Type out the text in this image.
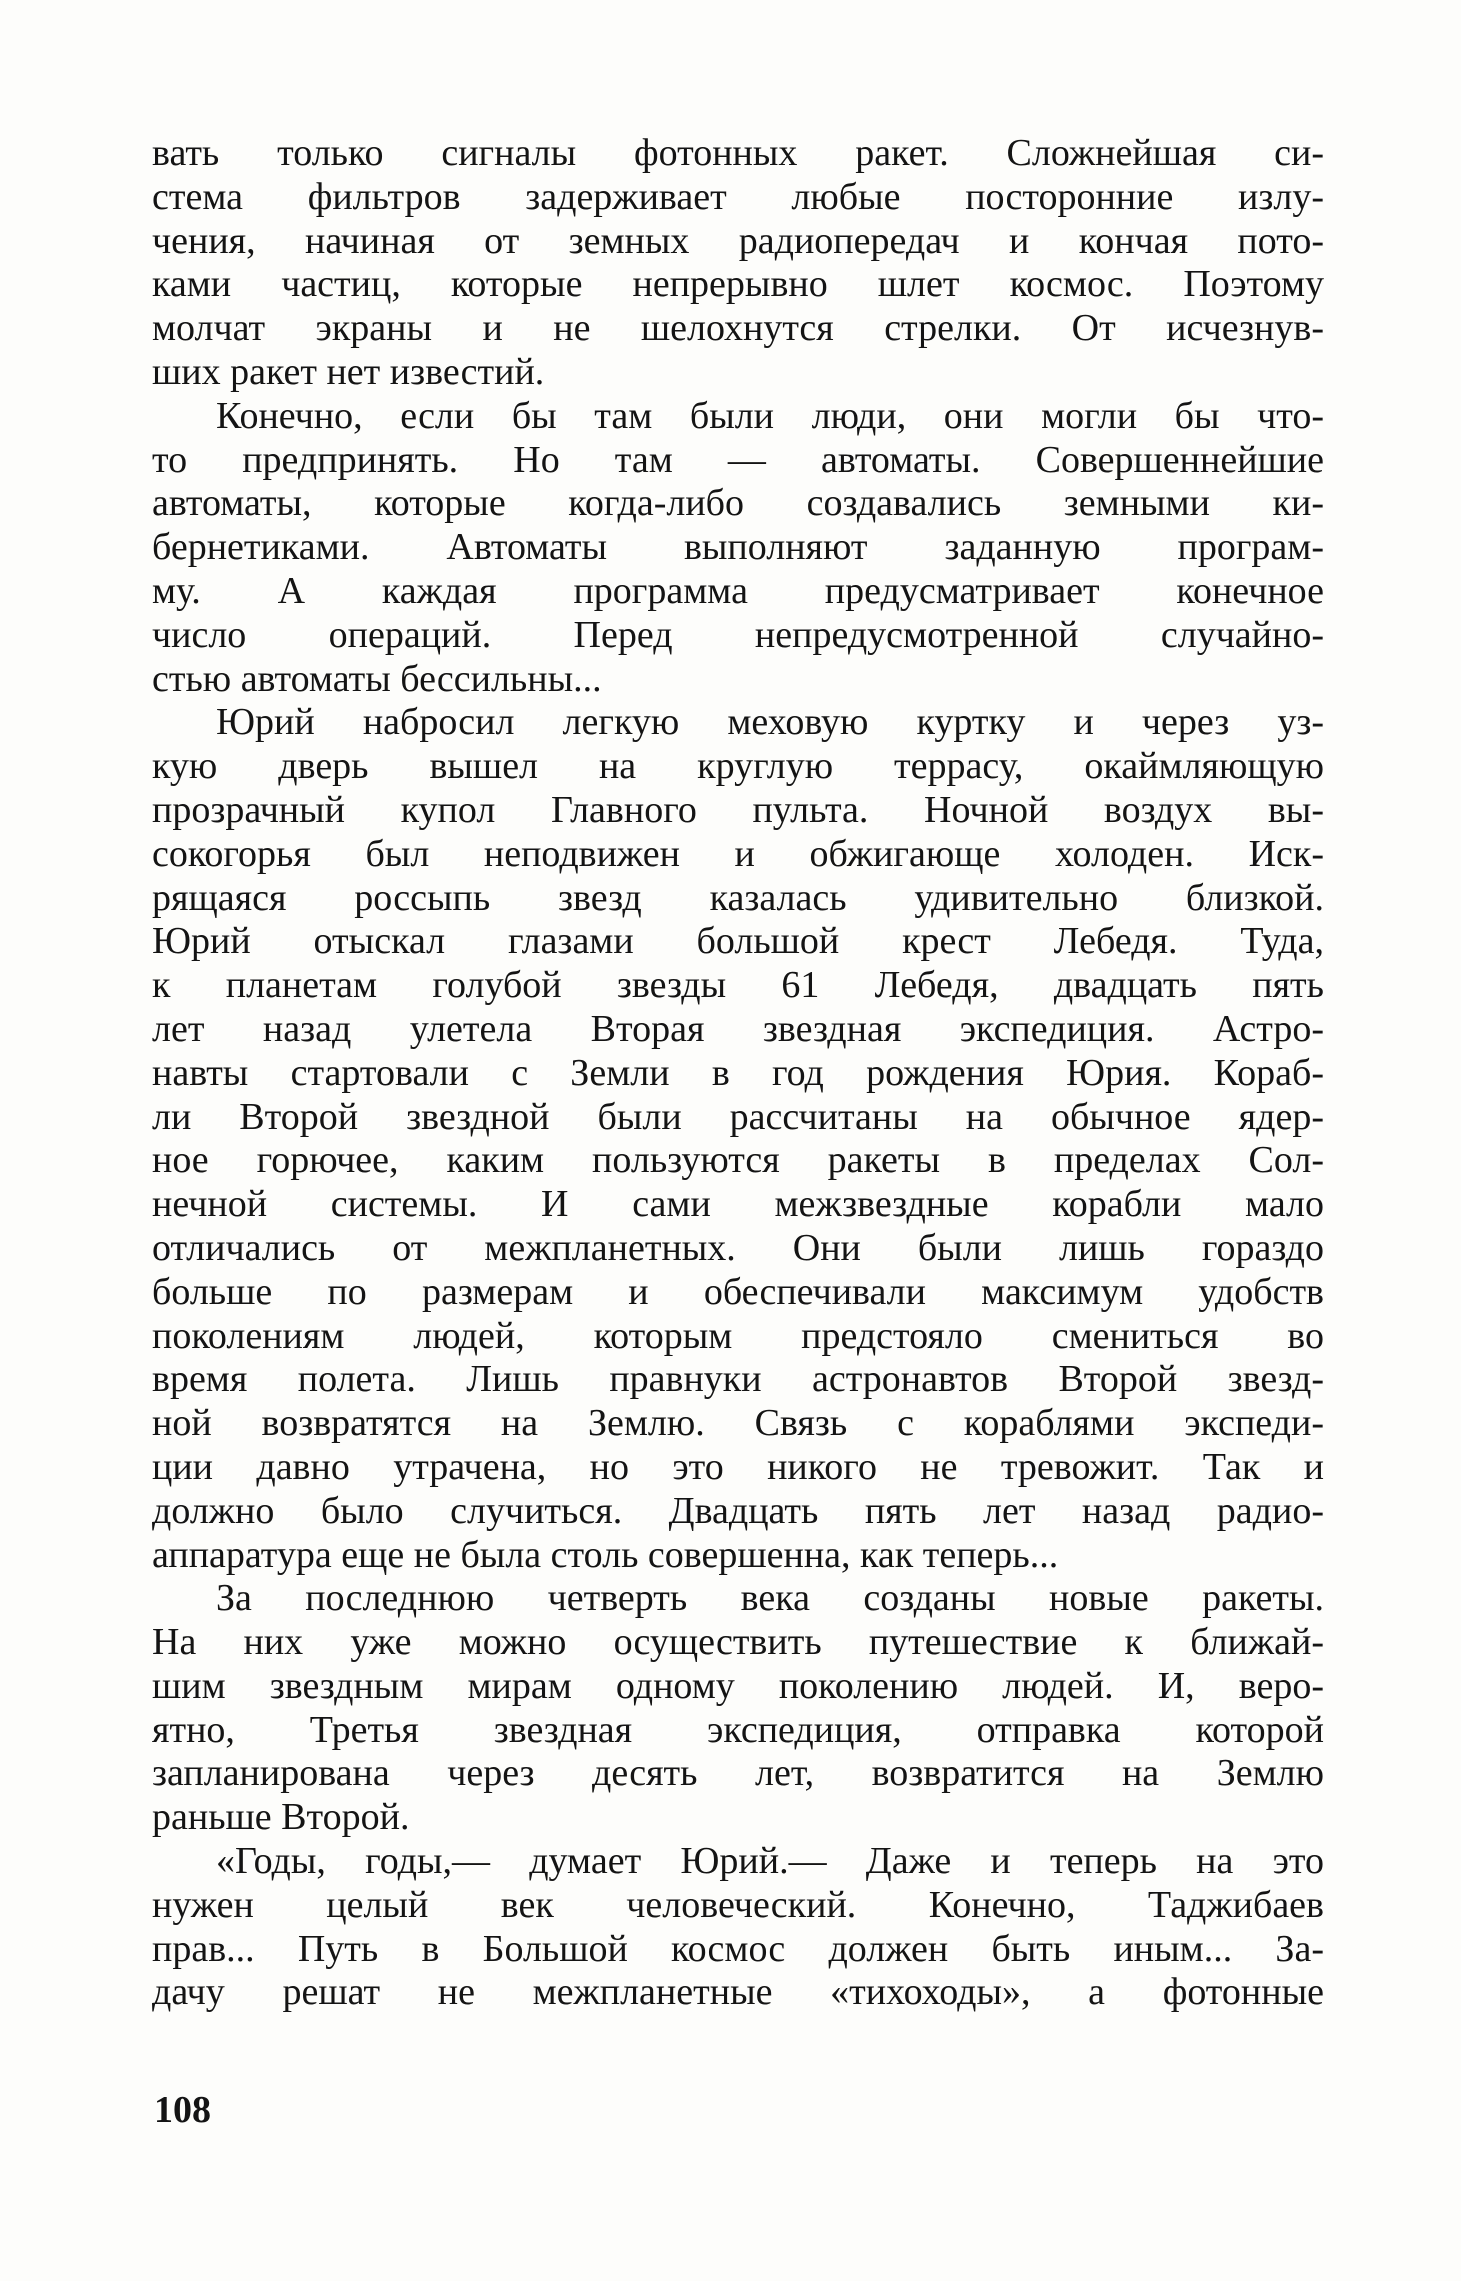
вать только сигналы фотонных ракет. Сложнейшая си-
стема фильтров задерживает любые посторонние излу-
чения, начиная от земных радиопередач и кончая пото-
ками частиц, которые непрерывно шлет космос. Поэтому
молчат экраны и не шелохнутся стрелки. От исчезнув-
ших ракет нет известий.
Конечно, если бы там были люди, они могли бы что-
то предпринять. Но там — автоматы. Совершеннейшие
автоматы, которые когда-либо создавались земными ки-
бернетиками. Автоматы выполняют заданную програм-
му. А каждая программа предусматривает конечное
число операций. Перед непредусмотренной случайно-
стью автоматы бессильны...
Юрий набросил легкую меховую куртку и через уз-
кую дверь вышел на круглую террасу, окаймляющую
прозрачный купол Главного пульта. Ночной воздух вы-
сокогорья был неподвижен и обжигающе холоден. Иск-
рящаяся россыпь звезд казалась удивительно близкой.
Юрий отыскал глазами большой крест Лебедя. Туда,
к планетам голубой звезды 61 Лебедя, двадцать пять
лет назад улетела Вторая звездная экспедиция. Астро-
навты стартовали с Земли в год рождения Юрия. Кораб-
ли Второй звездной были рассчитаны на обычное ядер-
ное горючее, каким пользуются ракеты в пределах Сол-
нечной системы. И сами межзвездные корабли мало
отличались от межпланетных. Они были лишь гораздо
больше по размерам и обеспечивали максимум удобств
поколениям людей, которым предстояло смениться во
время полета. Лишь правнуки астронавтов Второй звезд-
ной возвратятся на Землю. Связь с кораблями экспеди-
ции давно утрачена, но это никого не тревожит. Так и
должно было случиться. Двадцать пять лет назад радио-
аппаратура еще не была столь совершенна, как теперь...
За последнюю четверть века созданы новые ракеты.
На них уже можно осуществить путешествие к ближай-
шим звездным мирам одному поколению людей. И, веро-
ятно, Третья звездная экспедиция, отправка которой
запланирована через десять лет, возвратится на Землю
раньше Второй.
«Годы, годы,— думает Юрий.— Даже и теперь на это
нужен целый век человеческий. Конечно, Таджибаев
прав... Путь в Большой космос должен быть иным... За-
дачу решат не межпланетные «тихоходы», а фотонные
108
